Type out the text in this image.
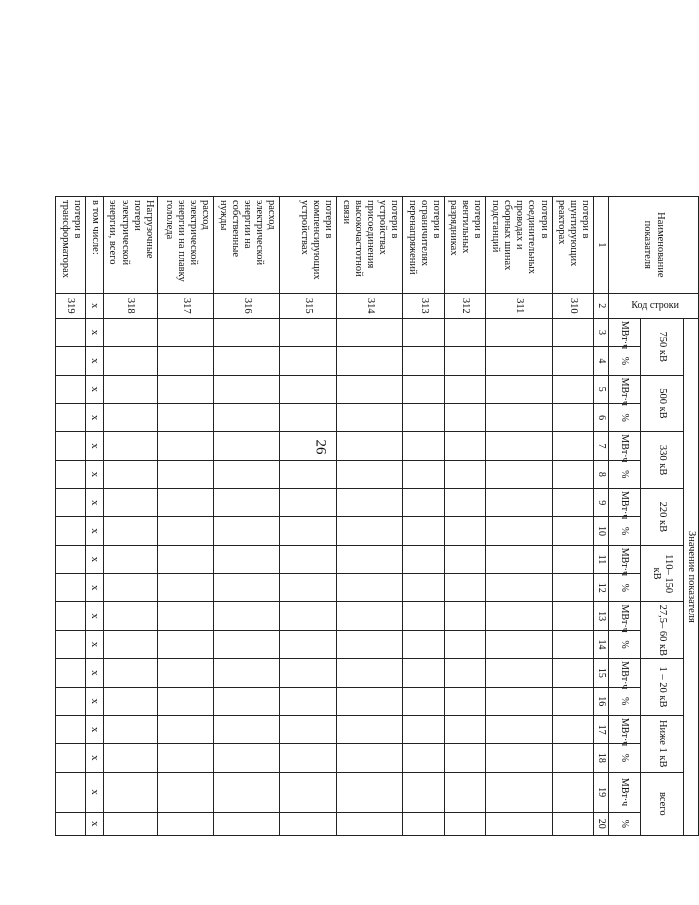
26
Наименование показателя	Код строки	Значение показателя																	
		750 кВ		500 кВ		330 кВ		220 кВ		110– 150 кВ		27,5– 60 кВ		1 – 20 кВ		Ниже 1 кВ		всего	
		МВт·ч	%	МВт·ч	%	МВт·ч	%	МВт·ч	%	МВт·ч	%	МВт·ч	%	МВт·ч	%	МВт·ч	%	МВт·ч	%
1	2	3	4	5	6	7	8	9	10	11	12	13	14	15	16	17	18	19	20
потери в шунтирующих реакторах	310																		
потери в соединительных проводах и сборных шинах подстанций	311																		
потери в вентильных разрядниках	312																		
потери в ограничителях перенапряжений	313																		
потери в устройствах присоединения высокочастотной связи	314																		
потери в компенсирующих устройствах	315																		
расход электрической энергии на собственные нужды	316																		
расход электрической энергии на плавку гололеда	317																		
Нагрузочные потери электрической энергии, всего	318																		
в том числе:	x	x	x	x	x	x	x	x	x	x	x	x	x	x	x	x	x	x	x
потери в трансформаторах	319																		
